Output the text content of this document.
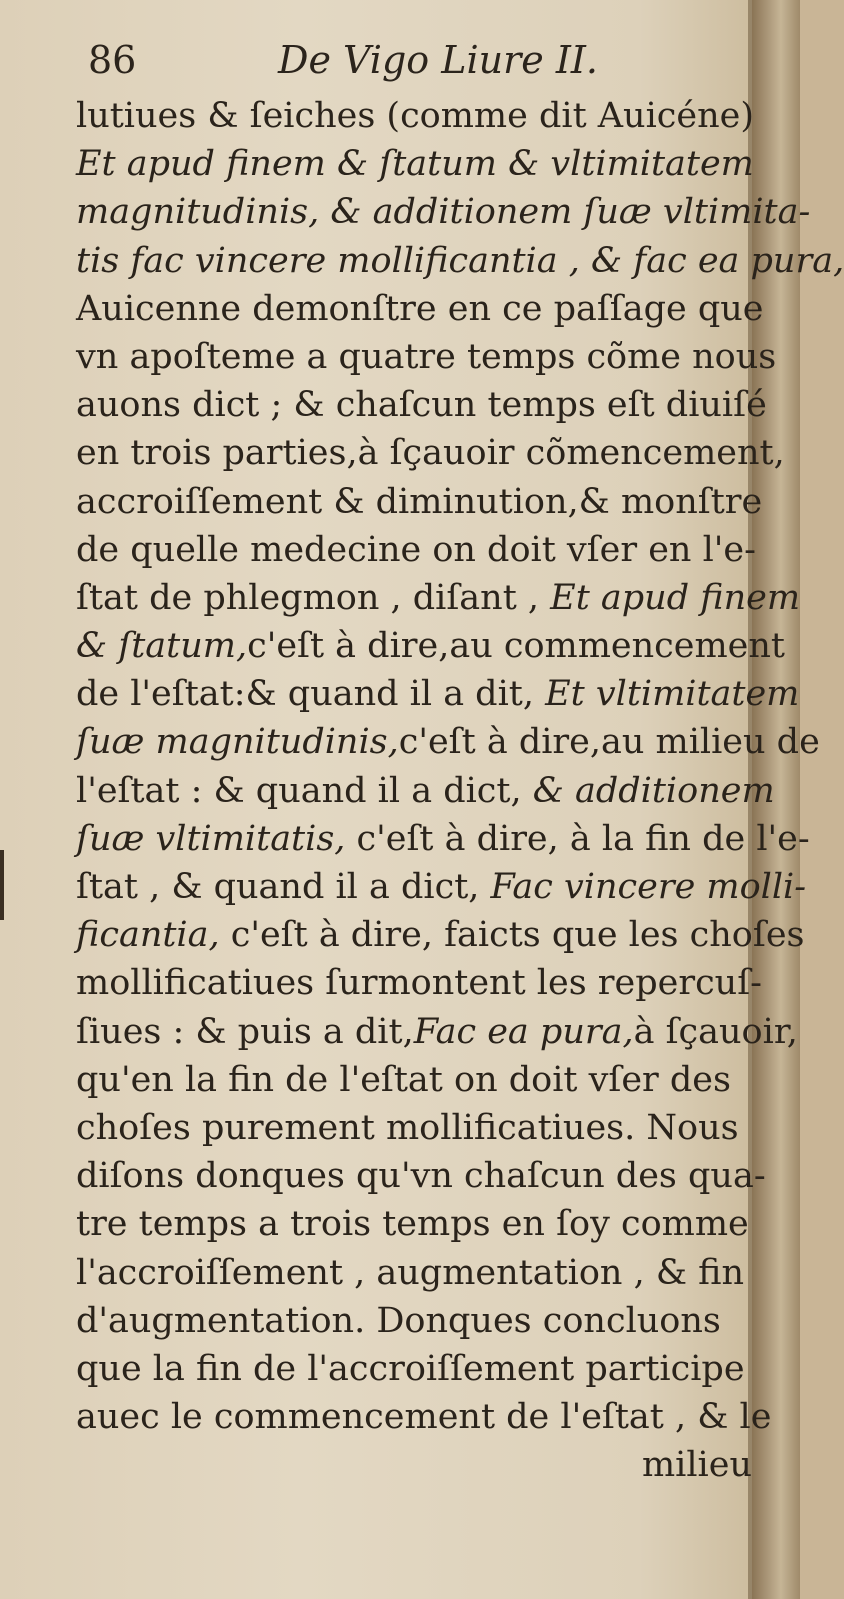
86	De Vigo Liure II.
lutiues & ſeiches (comme dit Auicéne)
Et apud finem & ſtatum & vltimitatem
magnitudinis, & additionem ſuæ vltimita-
tis fac vincere mollificantia , & fac ea pura,
Auicenne demonſtre en ce paſſage que
vn apoſteme a quatre temps cõme nous
auons dict ; & chaſcun temps eſt diuiſé
en trois parties,à ſçauoir cõmencement,
accroiſſement & diminution,& monſtre
de quelle medecine on doit vſer en l'e-
ſtat de phlegmon , diſant , Et apud finem
& ſtatum,c'eſt à dire,au commencement
de l'eſtat:& quand il a dit, Et vltimitatem
ſuæ magnitudinis,c'eſt à dire,au milieu de
l'eſtat : & quand il a dict, & additionem
ſuæ vltimitatis, c'eſt à dire, à la fin de l'e-
ſtat , & quand il a dict, Fac vincere molli-
ficantia, c'eſt à dire, faicts que les choſes
mollificatiues ſurmontent les repercuſ-
ſiues : & puis a dit,Fac ea pura,à ſçauoir,
qu'en la fin de l'eſtat on doit vſer des
choſes purement mollificatiues. Nous
diſons donques qu'vn chaſcun des qua-
tre temps a trois temps en ſoy comme
l'accroiſſement , augmentation , & fin
d'augmentation. Donques concluons
que la fin de l'accroiſſement participe
auec le commencement de l'eſtat , & le
milieu
